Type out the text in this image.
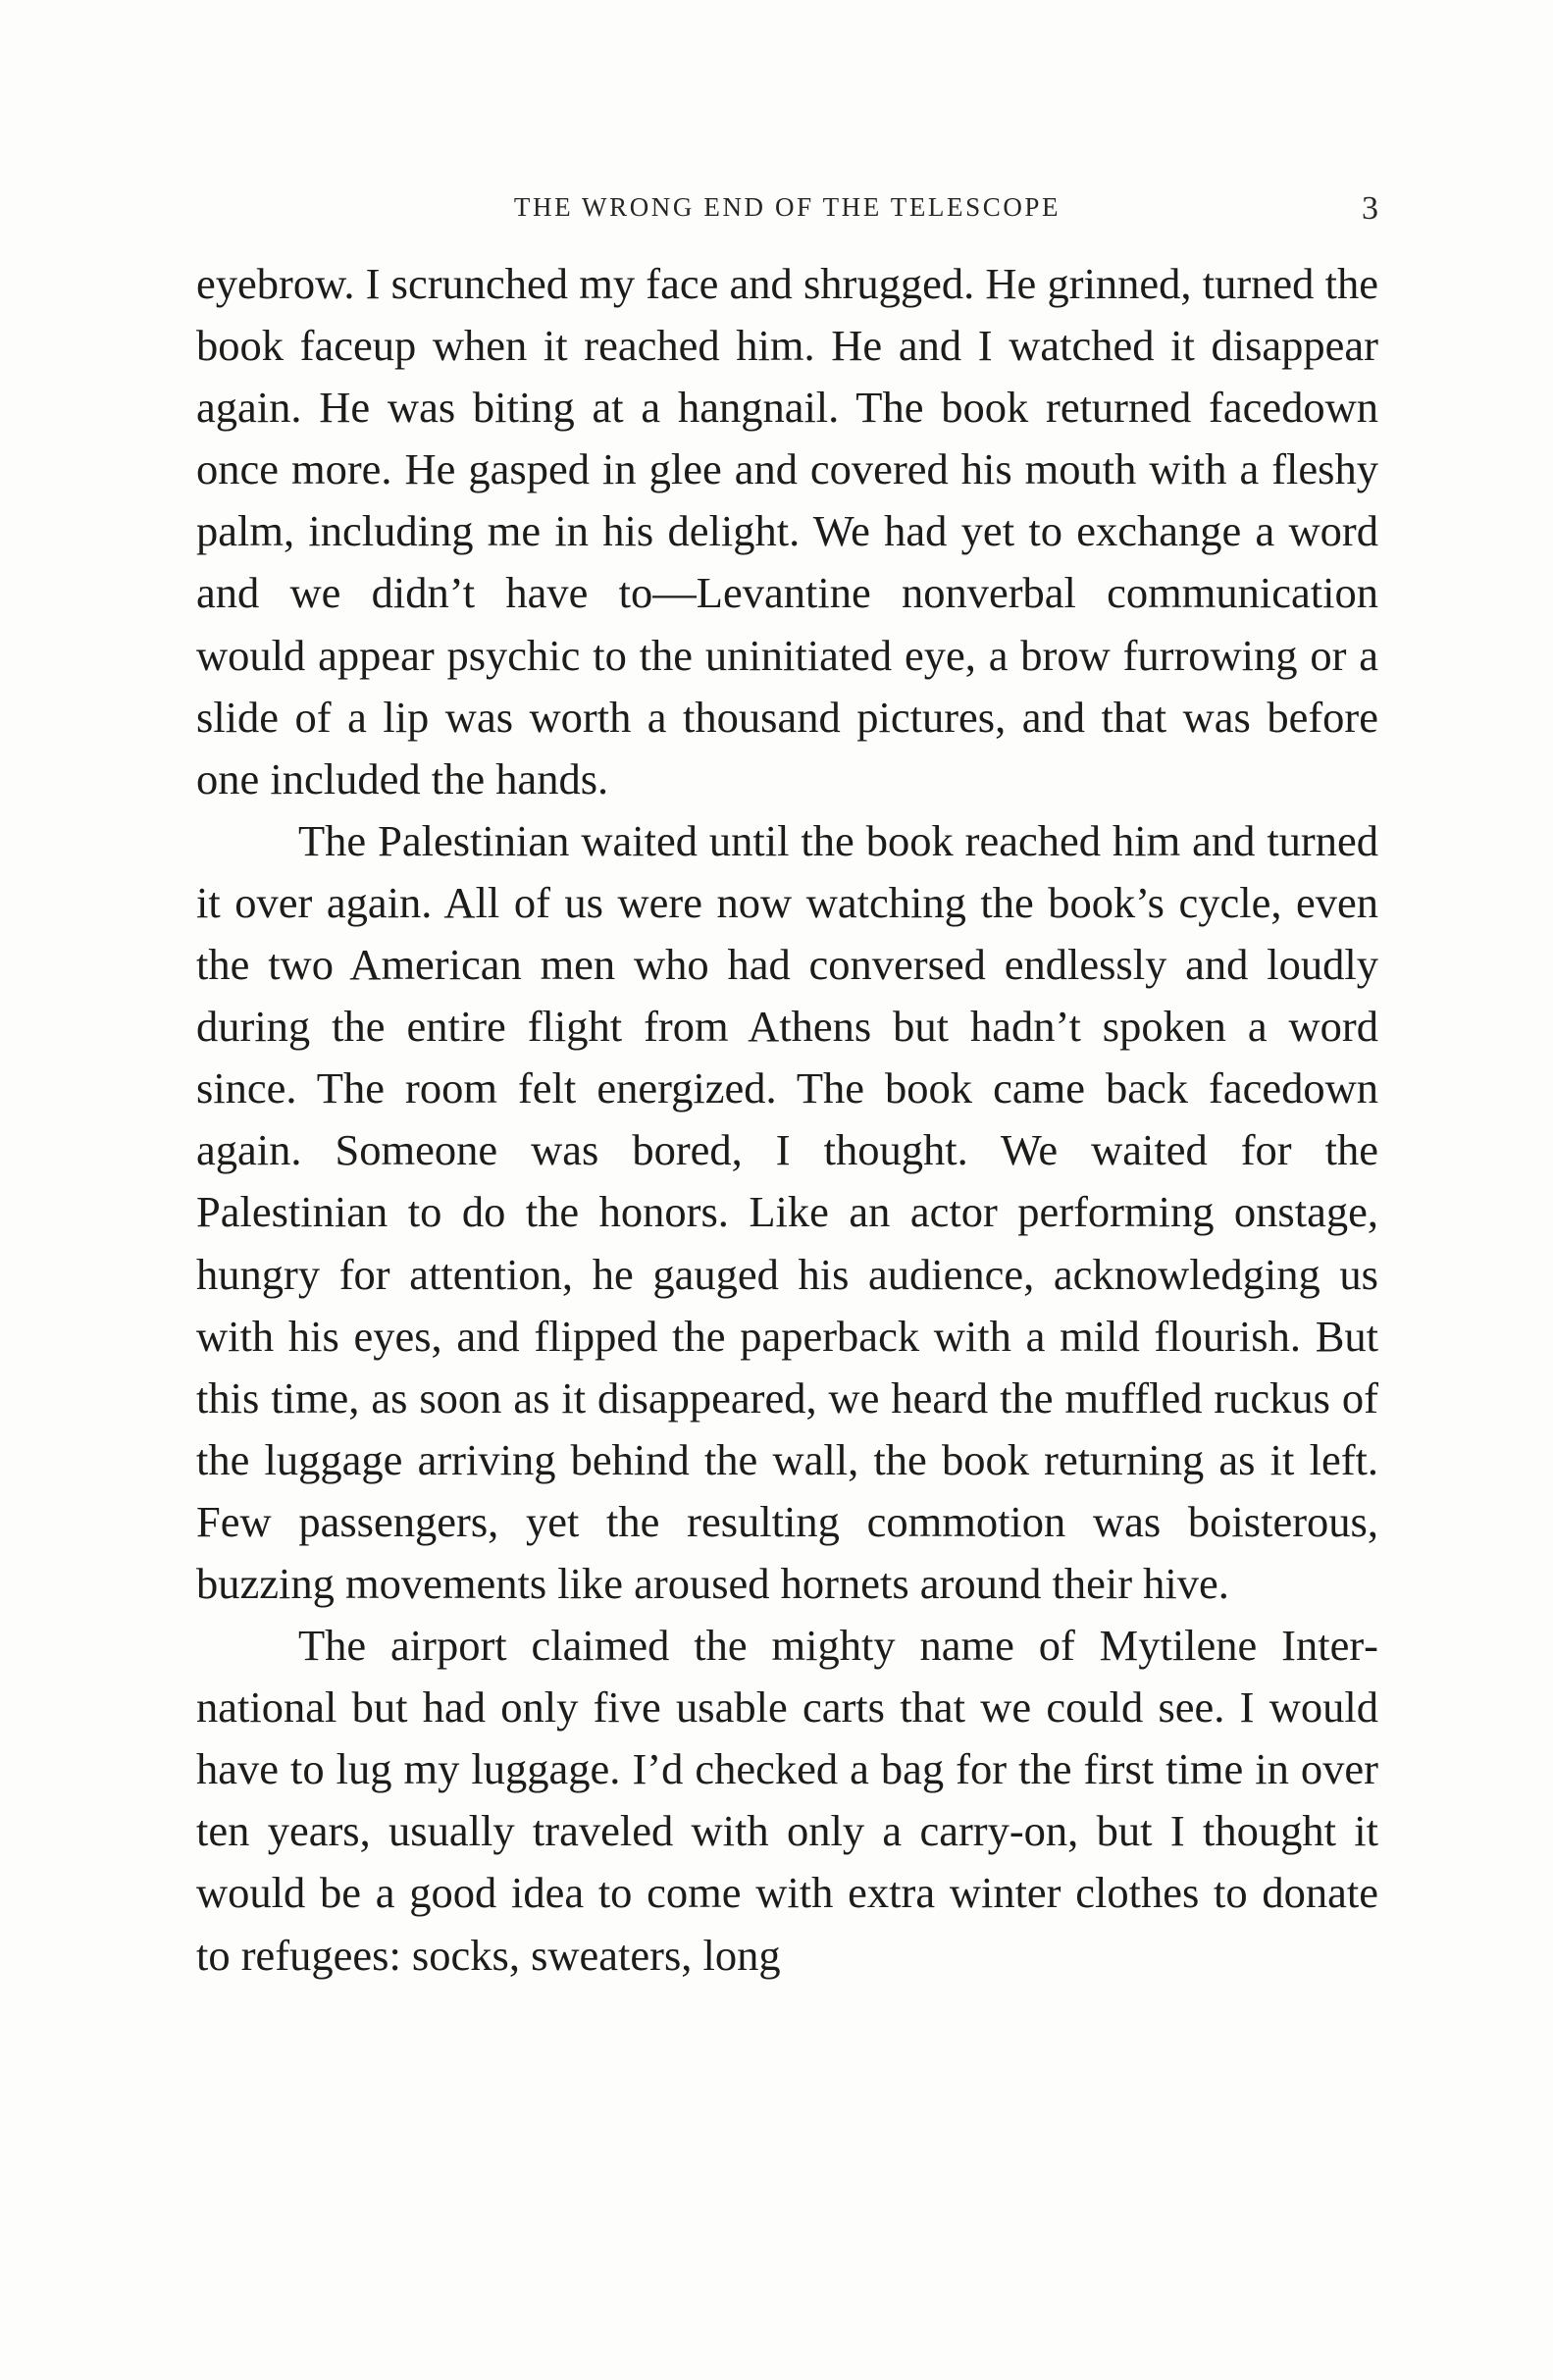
THE WRONG END OF THE TELESCOPE	3

eyebrow. I scrunched my face and shrugged. He grinned, turned the book faceup when it reached him. He and I watched it disappear again. He was biting at a hangnail. The book returned facedown once more. He gasped in glee and covered his mouth with a fleshy palm, including me in his delight. We had yet to exchange a word and we didn’t have to—Levantine nonverbal communication would appear psychic to the uninitiated eye, a brow furrowing or a slide of a lip was worth a thousand pictures, and that was before one included the hands.

The Palestinian waited until the book reached him and turned it over again. All of us were now watching the book’s cycle, even the two American men who had conversed endlessly and loudly during the entire flight from Athens but hadn’t spoken a word since. The room felt energized. The book came back facedown again. Someone was bored, I thought. We waited for the Palestinian to do the honors. Like an actor performing onstage, hungry for attention, he gauged his audience, acknowledging us with his eyes, and flipped the paperback with a mild flourish. But this time, as soon as it disappeared, we heard the muffled ruckus of the luggage arriving behind the wall, the book returning as it left. Few passengers, yet the resulting commotion was boisterous, buzzing movements like aroused hornets around their hive.

The airport claimed the mighty name of Mytilene International but had only five usable carts that we could see. I would have to lug my luggage. I’d checked a bag for the first time in over ten years, usually traveled with only a carry-on, but I thought it would be a good idea to come with extra winter clothes to donate to refugees: socks, sweaters, long
